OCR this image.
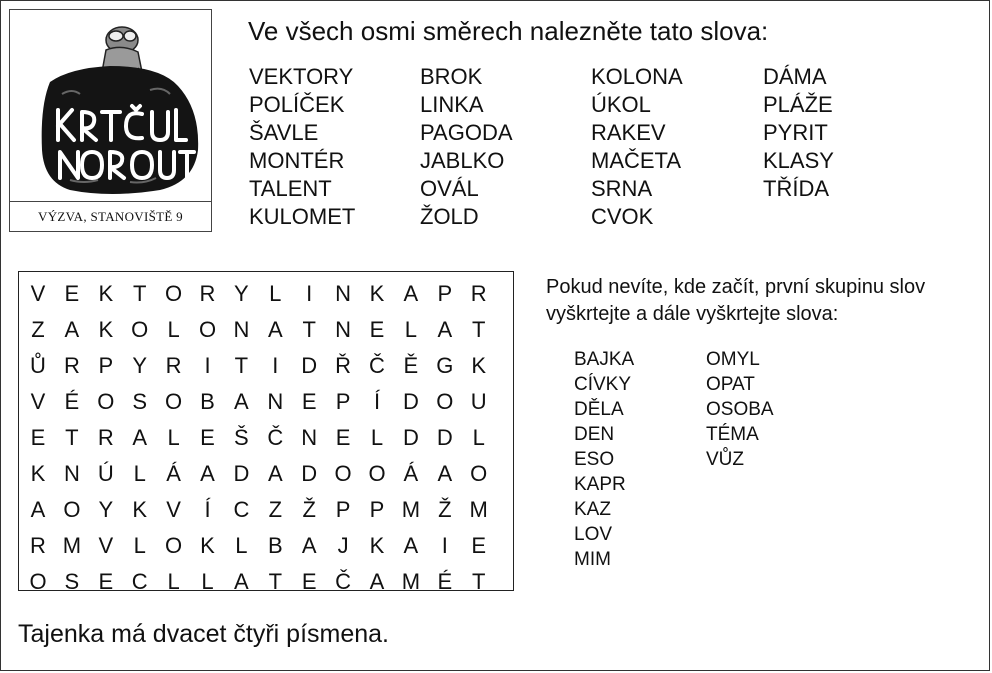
VÝZVA, STANOVIŠTĚ 9
Ve všech osmi směrech nalezněte tato slova:
VEKTORY
POLÍČEK
ŠAVLE
MONTÉR
TALENT
KULOMET
BROK
LINKA
PAGODA
JABLKO
OVÁL
ŽOLD
KOLONA
ÚKOL
RAKEV
MAČETA
SRNA
CVOK
DÁMA
PLÁŽE
PYRIT
KLASY
TŘÍDA
V E K T O R Y L	I	N K A P R
Z A K O L O N A T N E L A T
Ů R P Y R	I	T	I	D Ř Č Ě G K
V É O S O B A N E P	Í	D O U
E T R A L E Š Č N E L D D L
K N Ú L Á A D A D O O Á A O
A O Y K V	Í	C Z Ž P P M Ž M
R M V L O K L B A J K A	I	E
O S E C L L A T E Č A M É T
Pokud nevíte, kde začít, první skupinu slov vyškrtejte a dále vyškrtejte slova:
BAJKA
CÍVKY
DĚLA
DEN
ESO
KAPR
KAZ
LOV
MIM
OMYL
OPAT
OSOBA
TÉMA
VŮZ
Tajenka má dvacet čtyři písmena.
